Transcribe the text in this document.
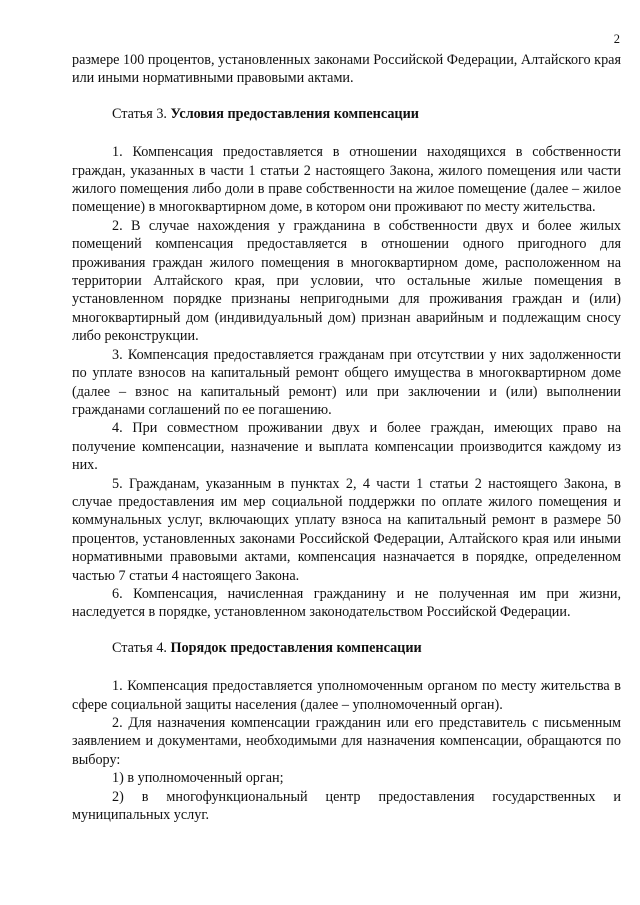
2

размере 100 процентов, установленных законами Российской Федерации, Алтайского края или иными нормативными правовыми актами.

Статья 3. Условия предоставления компенсации

1. Компенсация предоставляется в отношении находящихся в собственности граждан, указанных в части 1 статьи 2 настоящего Закона, жилого помещения или части жилого помещения либо доли в праве собственности на жилое помещение (далее – жилое помещение) в многоквартирном доме, в котором они проживают по месту жительства.

2. В случае нахождения у гражданина в собственности двух и более жилых помещений компенсация предоставляется в отношении одного пригодного для проживания граждан жилого помещения в многоквартирном доме, расположенном на территории Алтайского края, при условии, что остальные жилые помещения в установленном порядке признаны непригодными для проживания граждан и (или) многоквартирный дом (индивидуальный дом) признан аварийным и подлежащим сносу либо реконструкции.

3. Компенсация предоставляется гражданам при отсутствии у них задолженности по уплате взносов на капитальный ремонт общего имущества в многоквартирном доме (далее – взнос на капитальный ремонт) или при заключении и (или) выполнении гражданами соглашений по ее погашению.

4. При совместном проживании двух и более граждан, имеющих право на получение компенсации, назначение и выплата компенсации производится каждому из них.

5. Гражданам, указанным в пунктах 2, 4 части 1 статьи 2 настоящего Закона, в случае предоставления им мер социальной поддержки по оплате жилого помещения и коммунальных услуг, включающих уплату взноса на капитальный ремонт в размере 50 процентов, установленных законами Российской Федерации, Алтайского края или иными нормативными правовыми актами, компенсация назначается в порядке, определенном частью 7 статьи 4 настоящего Закона.

6. Компенсация, начисленная гражданину и не полученная им при жизни, наследуется в порядке, установленном законодательством Российской Федерации.

Статья 4. Порядок предоставления компенсации

1. Компенсация предоставляется уполномоченным органом по месту жительства в сфере социальной защиты населения (далее – уполномоченный орган).

2. Для назначения компенсации гражданин или его представитель с письменным заявлением и документами, необходимыми для назначения компенсации, обращаются по выбору:

1) в уполномоченный орган;

2) в многофункциональный центр предоставления государственных и муниципальных услуг.
